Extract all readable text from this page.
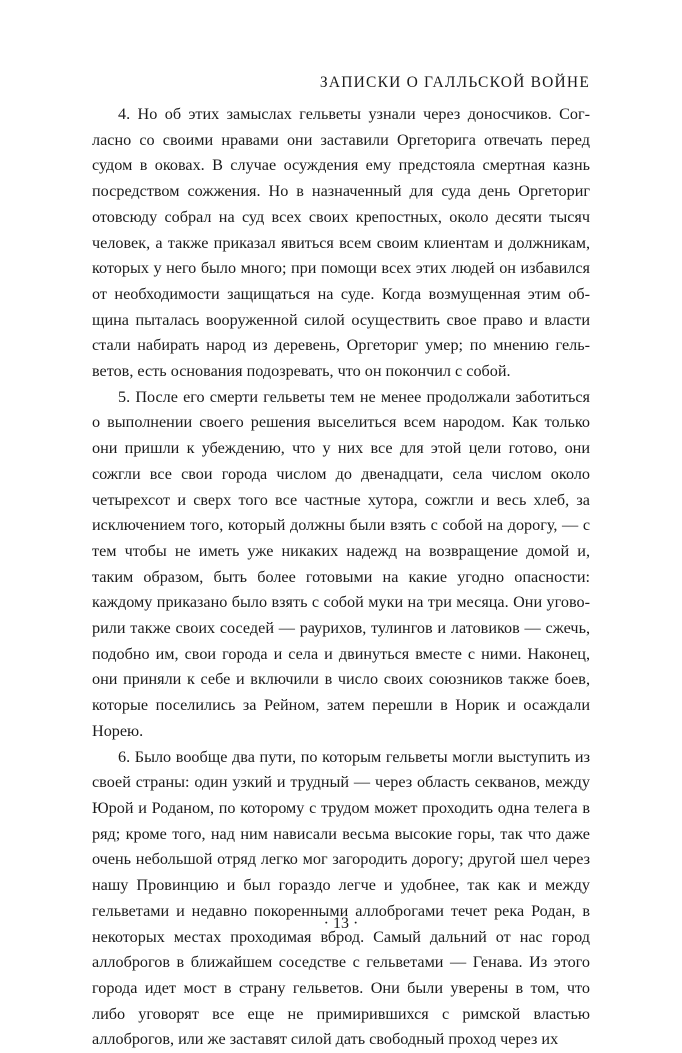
ЗАПИСКИ О ГАЛЛЬСКОЙ ВОЙНЕ

4. Но об этих замыслах гельветы узнали через доносчиков. Согласно со своими нравами они заставили Оргеторига отвечать перед судом в оковах. В случае осуждения ему предстояла смертная казнь посредством сожжения. Но в назначенный для суда день Оргеториг отовсюду собрал на суд всех своих крепостных, около десяти тысяч человек, а также приказал явиться всем своим клиентам и должникам, которых у него было много; при помощи всех этих людей он избавился от необходимости защищаться на суде. Когда возмущенная этим община пыталась вооруженной силой осуществить свое право и власти стали набирать народ из деревень, Оргеториг умер; по мнению гельветов, есть основания подозревать, что он покончил с собой.

5. После его смерти гельветы тем не менее продолжали заботиться о выполнении своего решения выселиться всем народом. Как только они пришли к убеждению, что у них все для этой цели готово, они сожгли все свои города числом до двенадцати, села числом около четырехсот и сверх того все частные хутора, сожгли и весь хлеб, за исключением того, который должны были взять с собой на дорогу, — с тем чтобы не иметь уже никаких надежд на возвращение домой и, таким образом, быть более готовыми на какие угодно опасности: каждому приказано было взять с собой муки на три месяца. Они уговорили также своих соседей — раурихов, тулингов и латовиков — сжечь, подобно им, свои города и села и двинуться вместе с ними. Наконец, они приняли к себе и включили в число своих союзников также боев, которые поселились за Рейном, затем перешли в Норик и осаждали Норею.

6. Было вообще два пути, по которым гельветы могли выступить из своей страны: один узкий и трудный — через область секванов, между Юрой и Роданом, по которому с трудом может проходить одна телега в ряд; кроме того, над ним нависали весьма высокие горы, так что даже очень небольшой отряд легко мог загородить дорогу; другой шел через нашу Провинцию и был гораздо легче и удобнее, так как и между гельветами и недавно покоренными аллоброгами течет река Родан, в некоторых местах проходимая вброд. Самый дальний от нас город аллоброгов в ближайшем соседстве с гельветами — Генава. Из этого города идет мост в страну гельветов. Они были уверены в том, что либо уговорят все еще не примирившихся с римской властью аллоброгов, или же заставят силой дать свободный проход через их

· 13 ·
